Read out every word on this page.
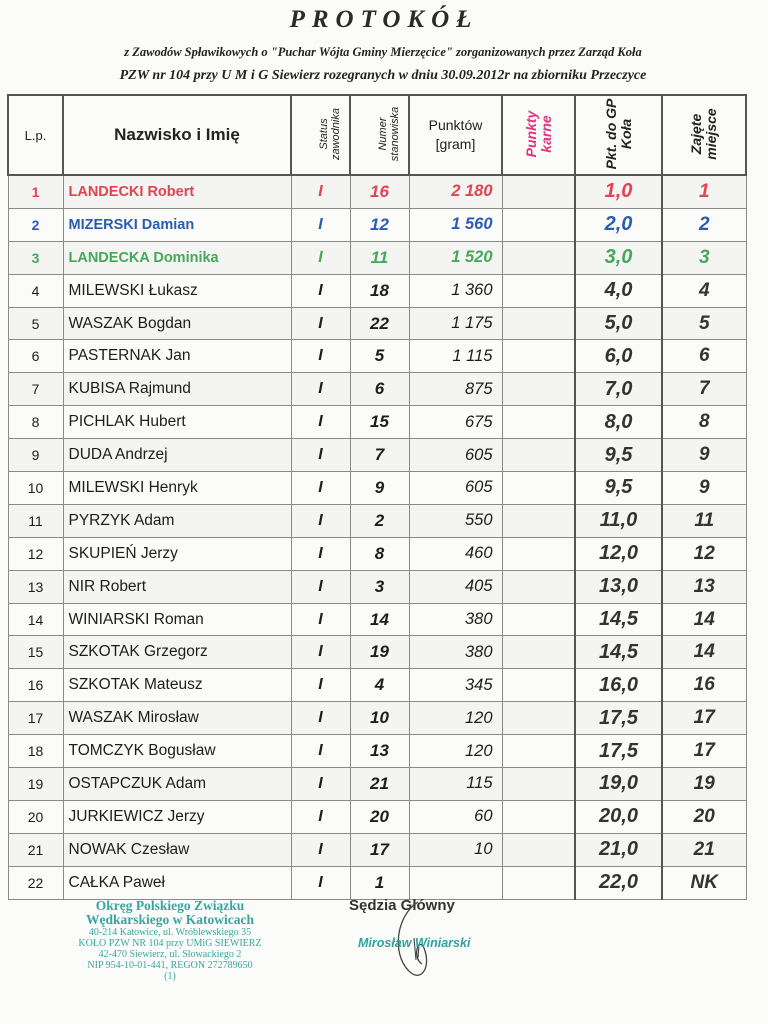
PROTOKÓŁ
z Zawodów Spławikowych o "Puchar Wójta Gminy Mierzęcice" zorganizowanych przez Zarząd Koła
PZW nr 104 przy U M i G Siewierz rozegranych w dniu 30.09.2012r na zbiorniku Przeczyce
L.p.	Nazwisko i Imię	Status zawodnika	Numer stanowiska	Punktów [gram]	Punkty karne	Pkt. do GP Koła	Zajęte miejsce
1	LANDECKI Robert	I	16	2 180		1,0	1
2	MIZERSKI Damian	I	12	1 560		2,0	2
3	LANDECKA Dominika	I	11	1 520		3,0	3
4	MILEWSKI Łukasz	I	18	1 360		4,0	4
5	WASZAK Bogdan	I	22	1 175		5,0	5
6	PASTERNAK Jan	I	5	1 115		6,0	6
7	KUBISA Rajmund	I	6	875		7,0	7
8	PICHLAK Hubert	I	15	675		8,0	8
9	DUDA Andrzej	I	7	605		9,5	9
10	MILEWSKI Henryk	I	9	605		9,5	9
11	PYRZYK Adam	I	2	550		11,0	11
12	SKUPIEŃ Jerzy	I	8	460		12,0	12
13	NIR Robert	I	3	405		13,0	13
14	WINIARSKI Roman	I	14	380		14,5	14
15	SZKOTAK Grzegorz	I	19	380		14,5	14
16	SZKOTAK Mateusz	I	4	345		16,0	16
17	WASZAK Mirosław	I	10	120		17,5	17
18	TOMCZYK Bogusław	I	13	120		17,5	17
19	OSTAPCZUK Adam	I	21	115		19,0	19
20	JURKIEWICZ Jerzy	I	20	60		20,0	20
21	NOWAK Czesław	I	17	10		21,0	21
22	CAŁKA Paweł	I	1			22,0	NK
Okręg Polskiego Związku
Wędkarskiego w Katowicach
40-214 Katowice, ul. Wróblewskiego 35
KOŁO PZW NR 104 przy UMiG SIEWIERZ
42-470 Siewierz, ul. Słowackiego 2
NIP 954-10-01-441, REGON 272789650
(1)
Sędzia Główny
Mirosław Winiarski
